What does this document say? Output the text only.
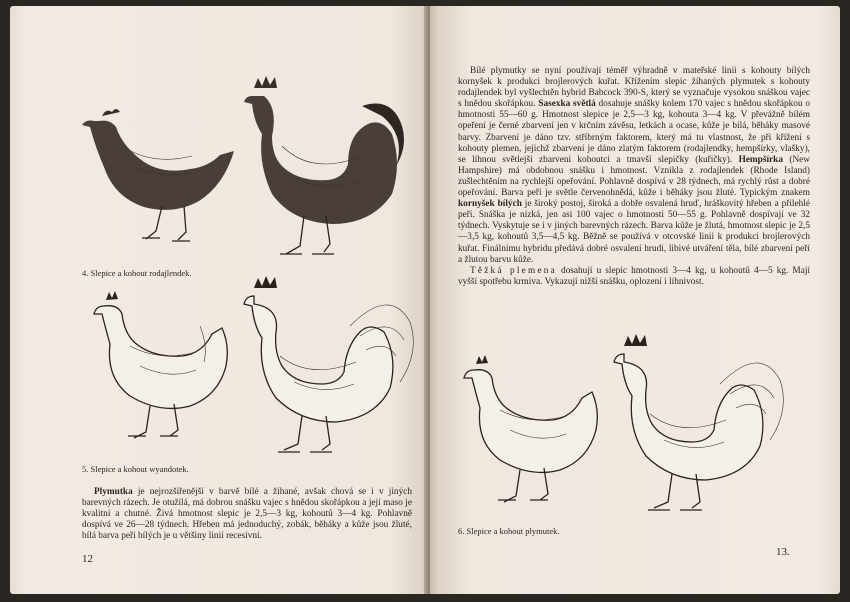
4. Slepice a kohout rodajlendek.
5. Slepice a kohout wyandotek.

Plymutka je nejrozšířenější v barvě bílé a žíhané, avšak chová se i v jiných barevných rázech. Je otužilá, má dobrou snášku vajec s hnědou skořápkou a její maso je kvalitní a chutné. Živá hmotnost slepic je 2,5—3 kg, kohoutů 3—4 kg. Pohlavně dospívá ve 26—28 týdnech. Hřeben má jednoduchý, zobák, běháky a kůže jsou žluté, bílá barva peří bílých je u většiny linií recesivní.

12

Bílé plymutky se nyní používají téměř výhradně v mateřské linii s kohouty bílých kornyšek k produkci brojlerových kuřat. Křížením slepic žíhaných plymutek s kohouty rodajlendek byl vyšlechtěn hybrid Babcock 390-S, který se vyznačuje vysokou snáškou vajec s hnědou skořápkou. Sasexka světlá dosahuje snášky kolem 170 vajec s hnědou skořápkou o hmotnosti 55—60 g. Hmotnost slepice je 2,5—3 kg, kohouta 3—4 kg. V převážně bílém opeření je černé zbarvení jen v krčním závěsu, letkách a ocase, kůže je bílá, běháky masové barvy. Zbarvení je dáno tzv. stříbrným faktorem, který má tu vlastnost, že při křížení s kohouty plemen, jejichž zbarvení je dáno zlatým faktorem (rodajlendky, hempšírky, vlašky), se líhnou světlejší zbarvení kohoutci a tmavší slepičky (kuřičky). Hempšírka (New Hampshire) má obdobnou snášku i hmotnost. Vznikla z rodajlendek (Rhode Island) zušlechtěním na rychlejší opeřování. Pohlavně dospívá v 28 týdnech, má rychlý růst a dobré opeřování. Barva peří je světle červenohnědá, kůže i běháky jsou žluté. Typickým znakem kornyšek bílých je široký postoj, široká a dobře osvalená hruď, hráškovitý hřeben a přilehlé peří. Snáška je nízká, jen asi 100 vajec o hmotnosti 50—55 g. Pohlavně dospívají ve 32 týdnech. Vyskytuje se i v jiných barevných rázech. Barva kůže je žlutá, hmotnost slepic je 2,5—3,5 kg, kohoutů 3,5—4,5 kg. Běžně se používá v otcovské linii k produkci brojlerových kuřat. Finálnímu hybridu předává dobré osvalení hrudi, libivé utváření těla, bílé zbarvení peří a žlutou barvu kůže.

Těžká plemena dosahují u slepic hmotnosti 3—4 kg, u kohoutů 4—5 kg. Mají vyšší spotřebu krmiva. Vykazují nižší snášku, oplození i líhnivost.

6. Slepice a kohout plymutek.
13.
